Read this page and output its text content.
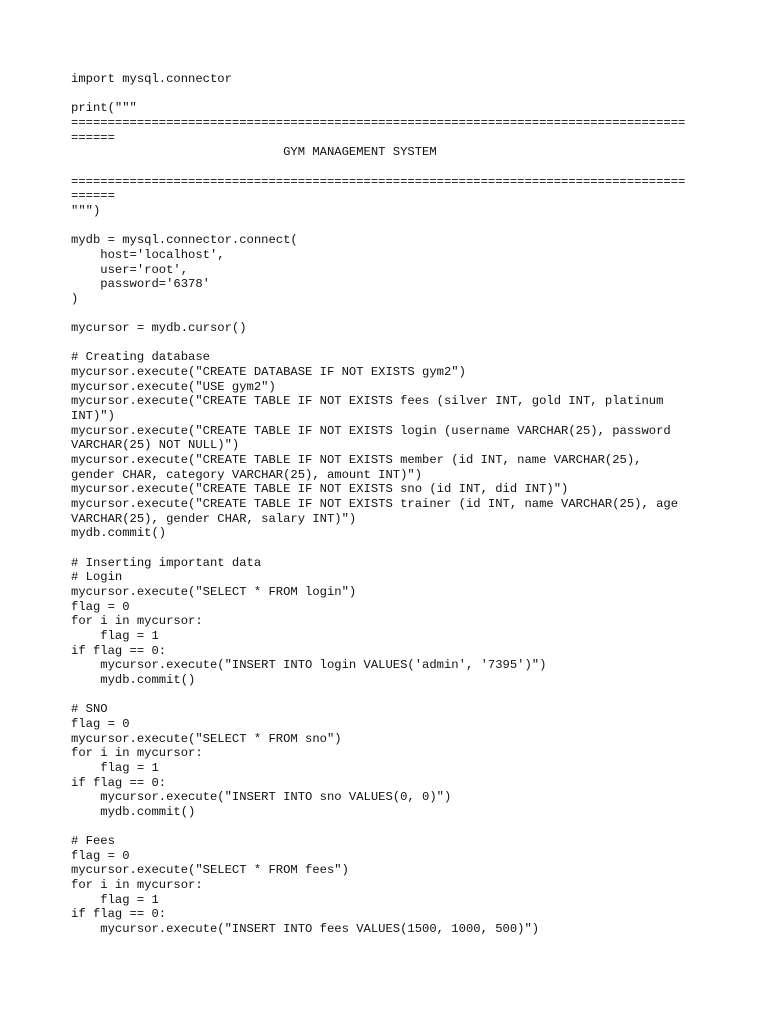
import mysql.connector
print("""
====================================================================================
======
GYM MANAGEMENT SYSTEM
====================================================================================
======
""")
mydb = mysql.connector.connect(
host='localhost',
user='root',
password='6378'
)
mycursor = mydb.cursor()
# Creating database
mycursor.execute("CREATE DATABASE IF NOT EXISTS gym2")
mycursor.execute("USE gym2")
mycursor.execute("CREATE TABLE IF NOT EXISTS fees (silver INT, gold INT, platinum
INT)")
mycursor.execute("CREATE TABLE IF NOT EXISTS login (username VARCHAR(25), password
VARCHAR(25) NOT NULL)")
mycursor.execute("CREATE TABLE IF NOT EXISTS member (id INT, name VARCHAR(25),
gender CHAR, category VARCHAR(25), amount INT)")
mycursor.execute("CREATE TABLE IF NOT EXISTS sno (id INT, did INT)")
mycursor.execute("CREATE TABLE IF NOT EXISTS trainer (id INT, name VARCHAR(25), age
VARCHAR(25), gender CHAR, salary INT)")
mydb.commit()
# Inserting important data
# Login
mycursor.execute("SELECT * FROM login")
flag = 0
for i in mycursor:
flag = 1
if flag == 0:
mycursor.execute("INSERT INTO login VALUES('admin', '7395')")
mydb.commit()
# SNO
flag = 0
mycursor.execute("SELECT * FROM sno")
for i in mycursor:
flag = 1
if flag == 0:
mycursor.execute("INSERT INTO sno VALUES(0, 0)")
mydb.commit()
# Fees
flag = 0
mycursor.execute("SELECT * FROM fees")
for i in mycursor:
flag = 1
if flag == 0:
mycursor.execute("INSERT INTO fees VALUES(1500, 1000, 500)")
